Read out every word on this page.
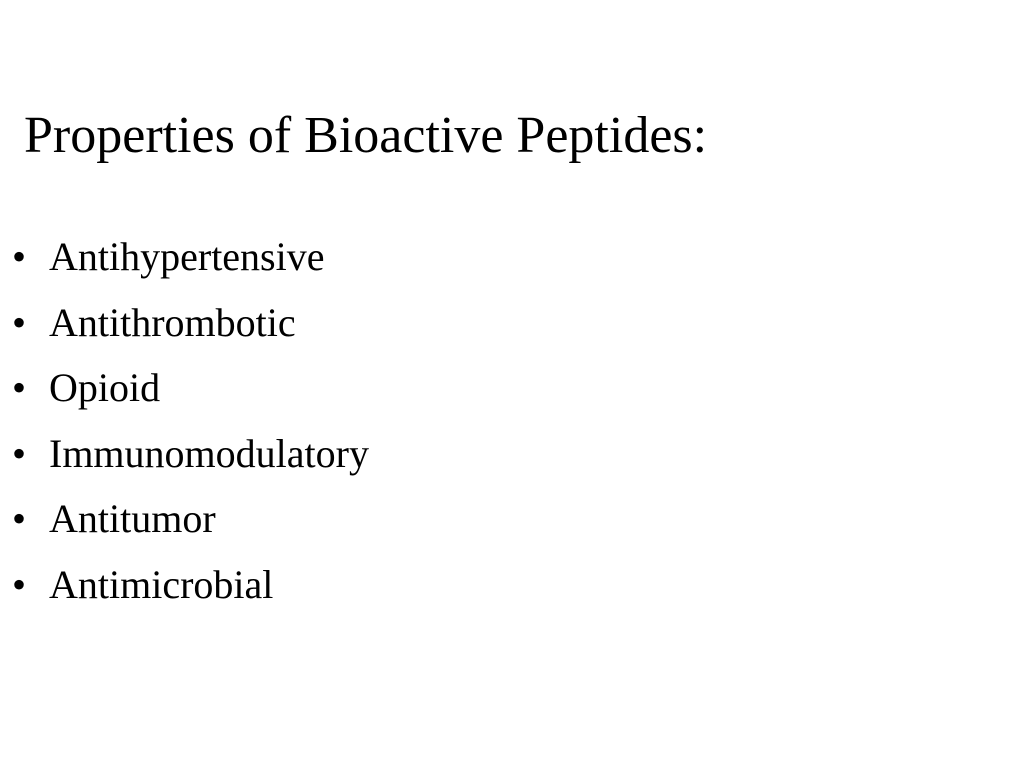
Properties of Bioactive Peptides:
• Antihypertensive
• Antithrombotic
• Opioid
• Immunomodulatory
• Antitumor
• Antimicrobial
